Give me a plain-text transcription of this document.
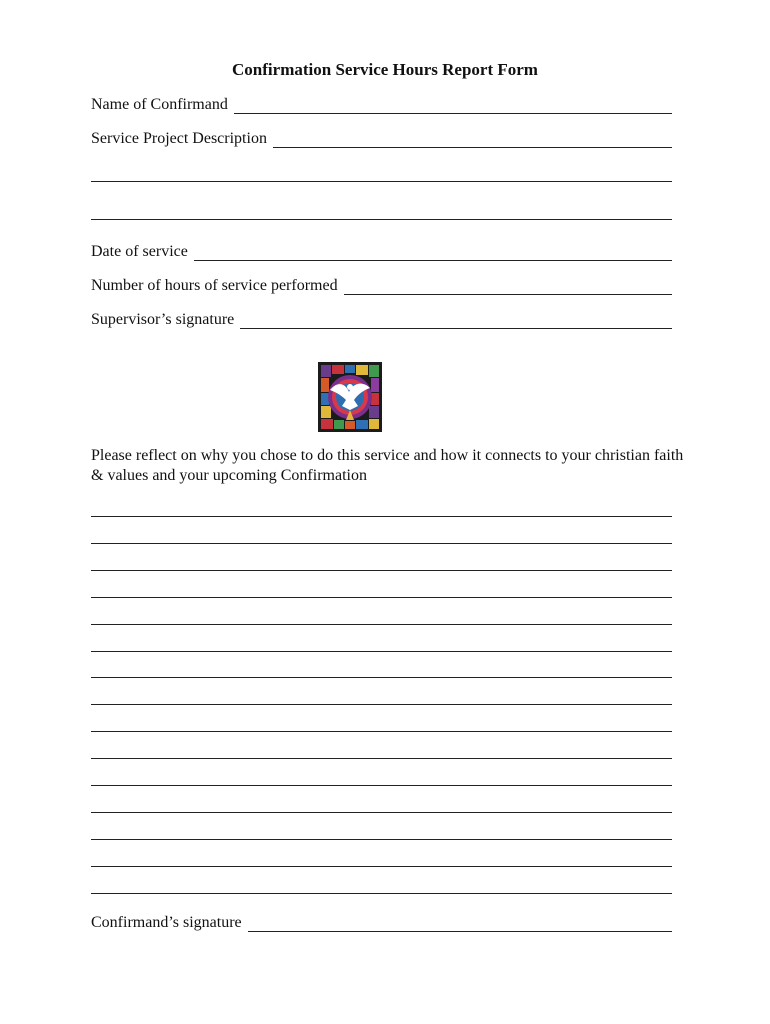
Confirmation Service Hours Report Form
Name of Confirmand
Service Project Description
Date of service
Number of hours of service performed
Supervisor’s signature
Please reflect on why you chose to do this service and how it connects to your christian faith & values and your upcoming Confirmation
Confirmand’s signature
